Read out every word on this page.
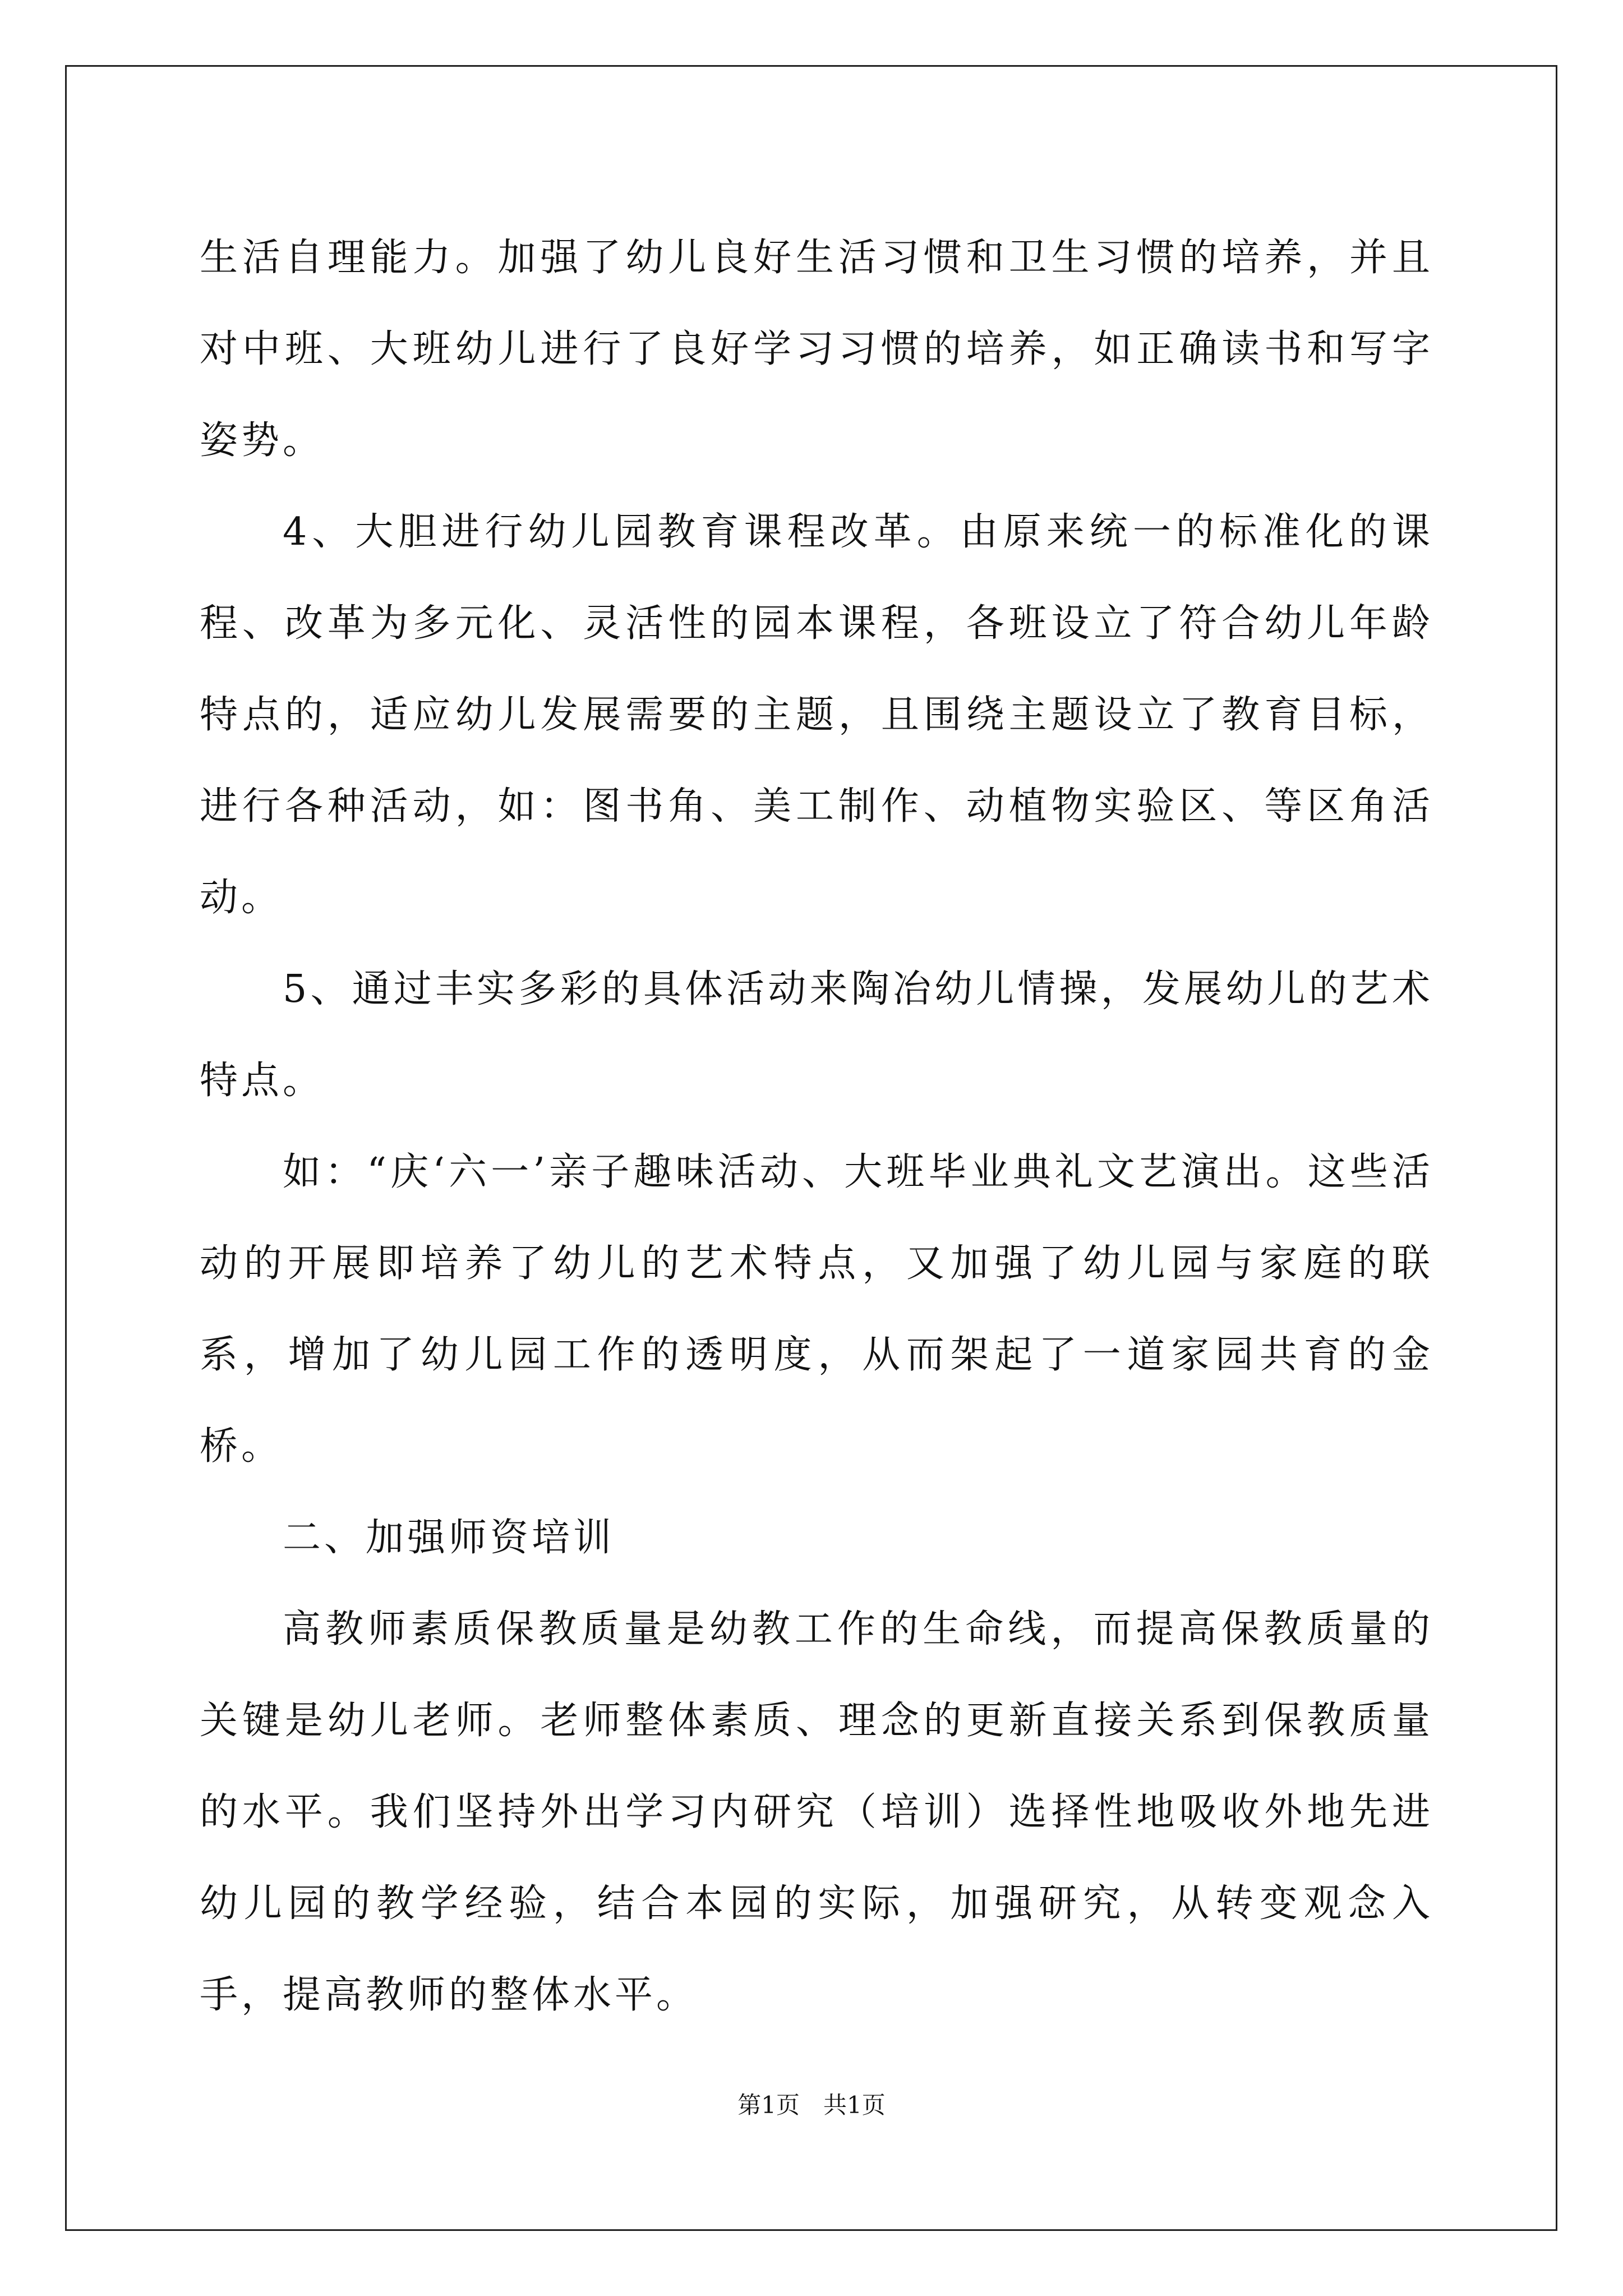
生活自理能力。加强了幼儿良好生活习惯和卫生习惯的培养，并且对中班、大班幼儿进行了良好学习习惯的培养，如正确读书和写字姿势。

4、大胆进行幼儿园教育课程改革。由原来统一的标准化的课程、改革为多元化、灵活性的园本课程，各班设立了符合幼儿年龄特点的，适应幼儿发展需要的主题，且围绕主题设立了教育目标，进行各种活动，如：图书角、美工制作、动植物实验区、等区角活动。

5、通过丰实多彩的具体活动来陶冶幼儿情操，发展幼儿的艺术特点。

如：“庆‘六一’亲子趣味活动、大班毕业典礼文艺演出。这些活动的开展即培养了幼儿的艺术特点，又加强了幼儿园与家庭的联系，增加了幼儿园工作的透明度，从而架起了一道家园共育的金桥。

二、加强师资培训

高教师素质保教质量是幼教工作的生命线，而提高保教质量的关键是幼儿老师。老师整体素质、理念的更新直接关系到保教质量的水平。我们坚持外出学习内研究（培训）选择性地吸收外地先进幼儿园的教学经验，结合本园的实际，加强研究，从转变观念入手，提高教师的整体水平。

第1页　共1页
